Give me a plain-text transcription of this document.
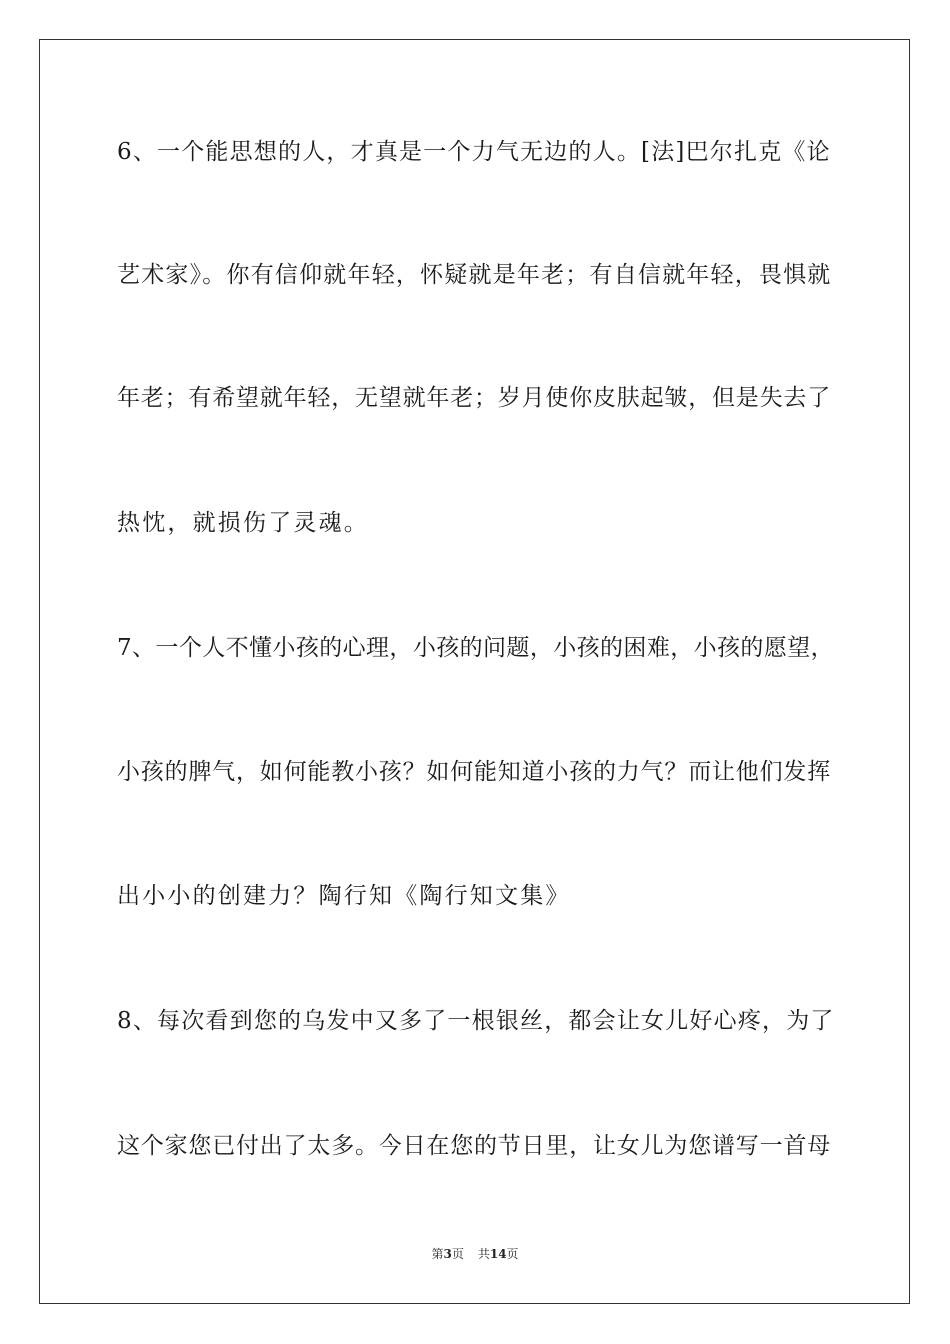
6、一个能思想的人，才真是一个力气无边的人。[法]巴尔扎克《论
艺术家》。你有信仰就年轻，怀疑就是年老；有自信就年轻，畏惧就
年老；有希望就年轻，无望就年老；岁月使你皮肤起皱，但是失去了
热忱，就损伤了灵魂。
7、一个人不懂小孩的心理，小孩的问题，小孩的困难，小孩的愿望，
小孩的脾气，如何能教小孩？如何能知道小孩的力气？而让他们发挥
出小小的创建力？陶行知《陶行知文集》
8、每次看到您的乌发中又多了一根银丝，都会让女儿好心疼，为了
这个家您已付出了太多。今日在您的节日里，让女儿为您谱写一首母
第3页 共14页
